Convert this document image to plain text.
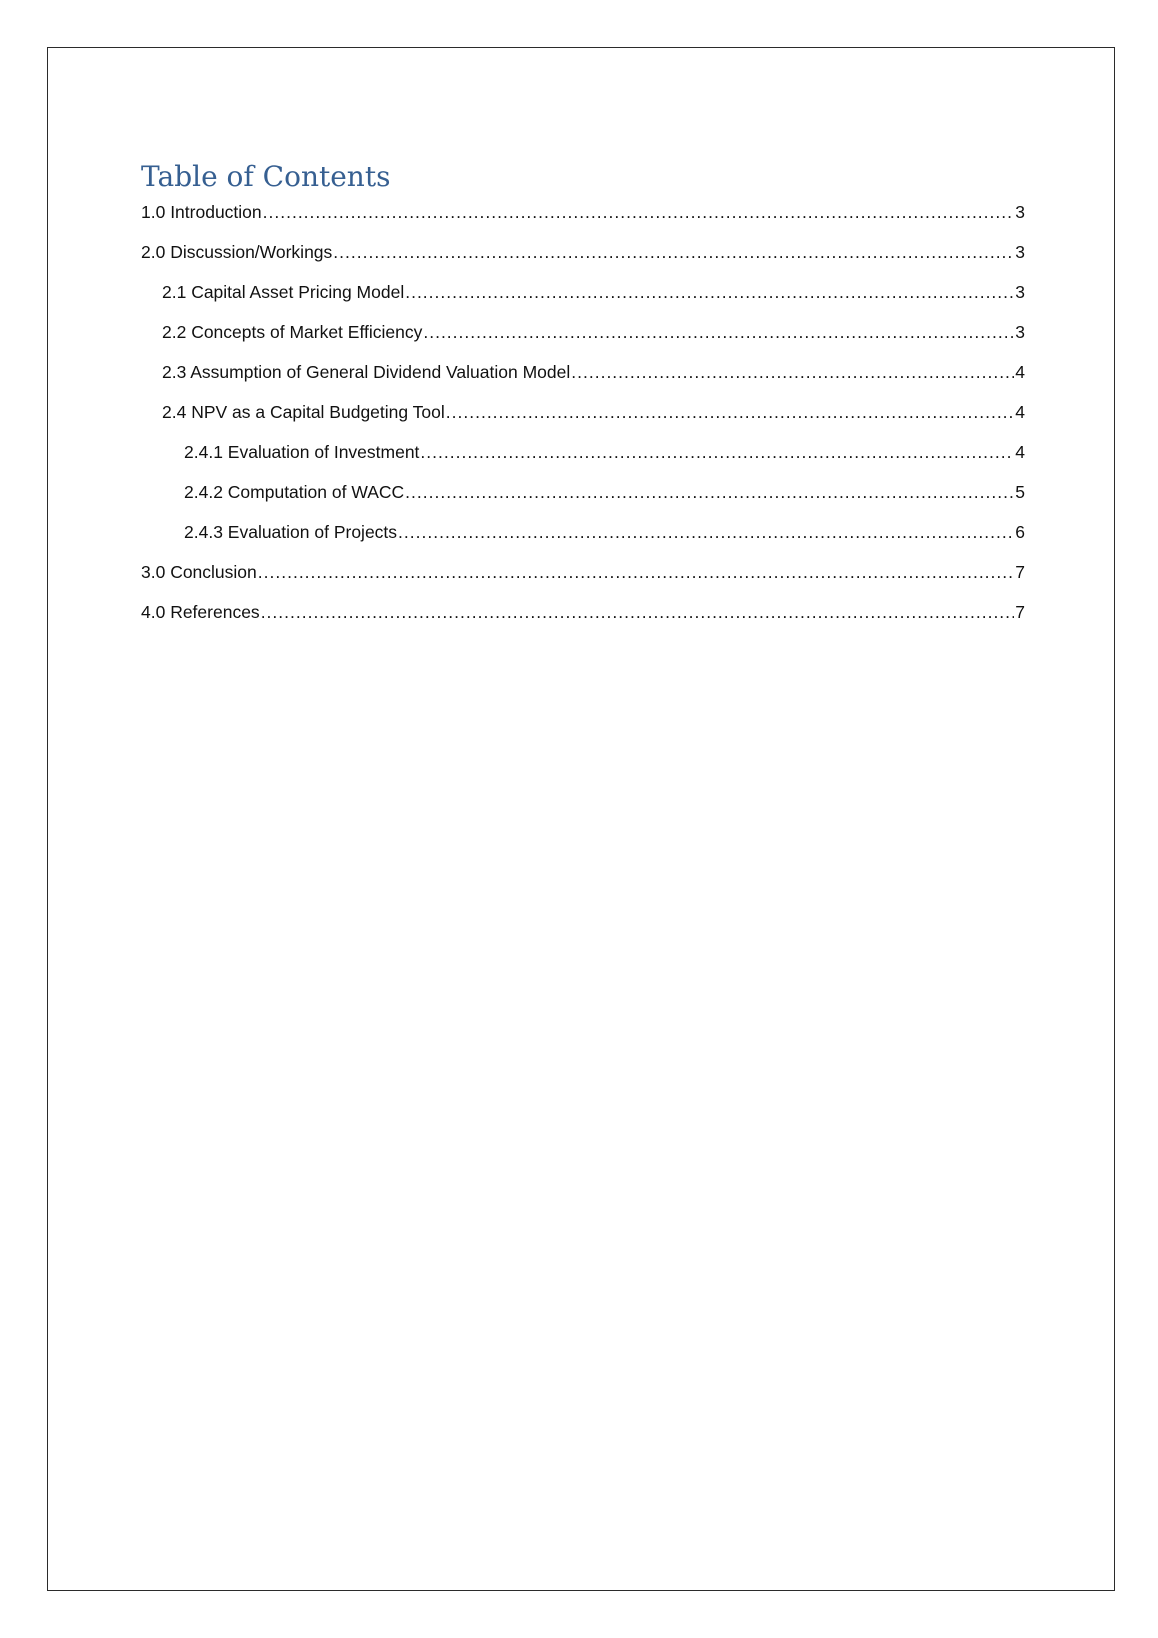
Table of Contents
1.0 Introduction .....	3
2.0 Discussion/Workings .....	3
2.1 Capital Asset Pricing Model .....	3
2.2 Concepts of Market Efficiency .....	3
2.3 Assumption of General Dividend Valuation Model .....	4
2.4 NPV as a Capital Budgeting Tool .....	4
2.4.1 Evaluation of Investment .....	4
2.4.2 Computation of WACC .....	5
2.4.3 Evaluation of Projects .....	6
3.0 Conclusion .....	7
4.0 References .....	7
